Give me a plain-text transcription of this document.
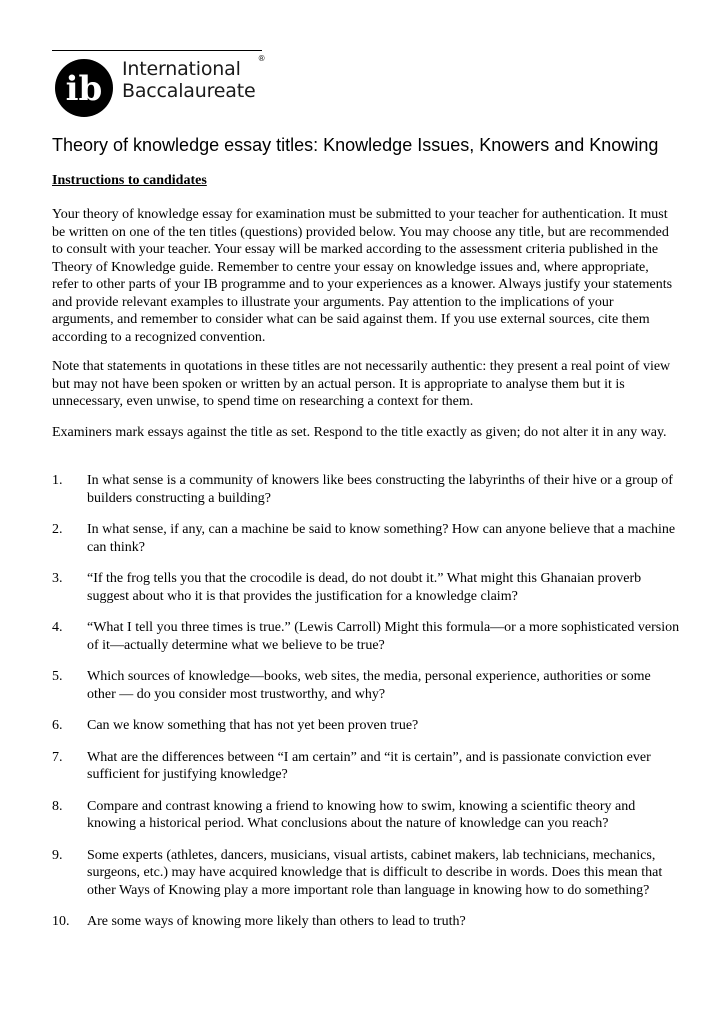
ib International
Baccalaureate
®
Theory of knowledge essay titles: Knowledge Issues, Knowers and Knowing
Instructions to candidates

Your theory of knowledge essay for examination must be submitted to your teacher for authentication. It must be written on one of the ten titles (questions) provided below. You may choose any title, but are recommended to consult with your teacher. Your essay will be marked according to the assessment criteria published in the Theory of Knowledge guide. Remember to centre your essay on knowledge issues and, where appropriate, refer to other parts of your IB programme and to your experiences as a knower. Always justify your statements and provide relevant examples to illustrate your arguments. Pay attention to the implications of your arguments, and remember to consider what can be said against them. If you use external sources, cite them according to a recognized convention.

Note that statements in quotations in these titles are not necessarily authentic: they present a real point of view but may not have been spoken or written by an actual person. It is appropriate to analyse them but it is unnecessary, even unwise, to spend time on researching a context for them.

Examiners mark essays against the title as set. Respond to the title exactly as given; do not alter it in any way.

1. In what sense is a community of knowers like bees constructing the labyrinths of their hive or a group of builders constructing a building?
2. In what sense, if any, can a machine be said to know something? How can anyone believe that a machine can think?
3. “If the frog tells you that the crocodile is dead, do not doubt it.” What might this Ghanaian proverb suggest about who it is that provides the justification for a knowledge claim?
4. “What I tell you three times is true.” (Lewis Carroll) Might this formula—or a more sophisticated version of it—actually determine what we believe to be true?
5. Which sources of knowledge—books, web sites, the media, personal experience, authorities or some other — do you consider most trustworthy, and why?
6. Can we know something that has not yet been proven true?
7. What are the differences between “I am certain” and “it is certain”, and is passionate conviction ever sufficient for justifying knowledge?
8. Compare and contrast knowing a friend to knowing how to swim, knowing a scientific theory and knowing a historical period. What conclusions about the nature of knowledge can you reach?
9. Some experts (athletes, dancers, musicians, visual artists, cabinet makers, lab technicians, mechanics, surgeons, etc.) may have acquired knowledge that is difficult to describe in words. Does this mean that other Ways of Knowing play a more important role than language in knowing how to do something?
10. Are some ways of knowing more likely than others to lead to truth?
